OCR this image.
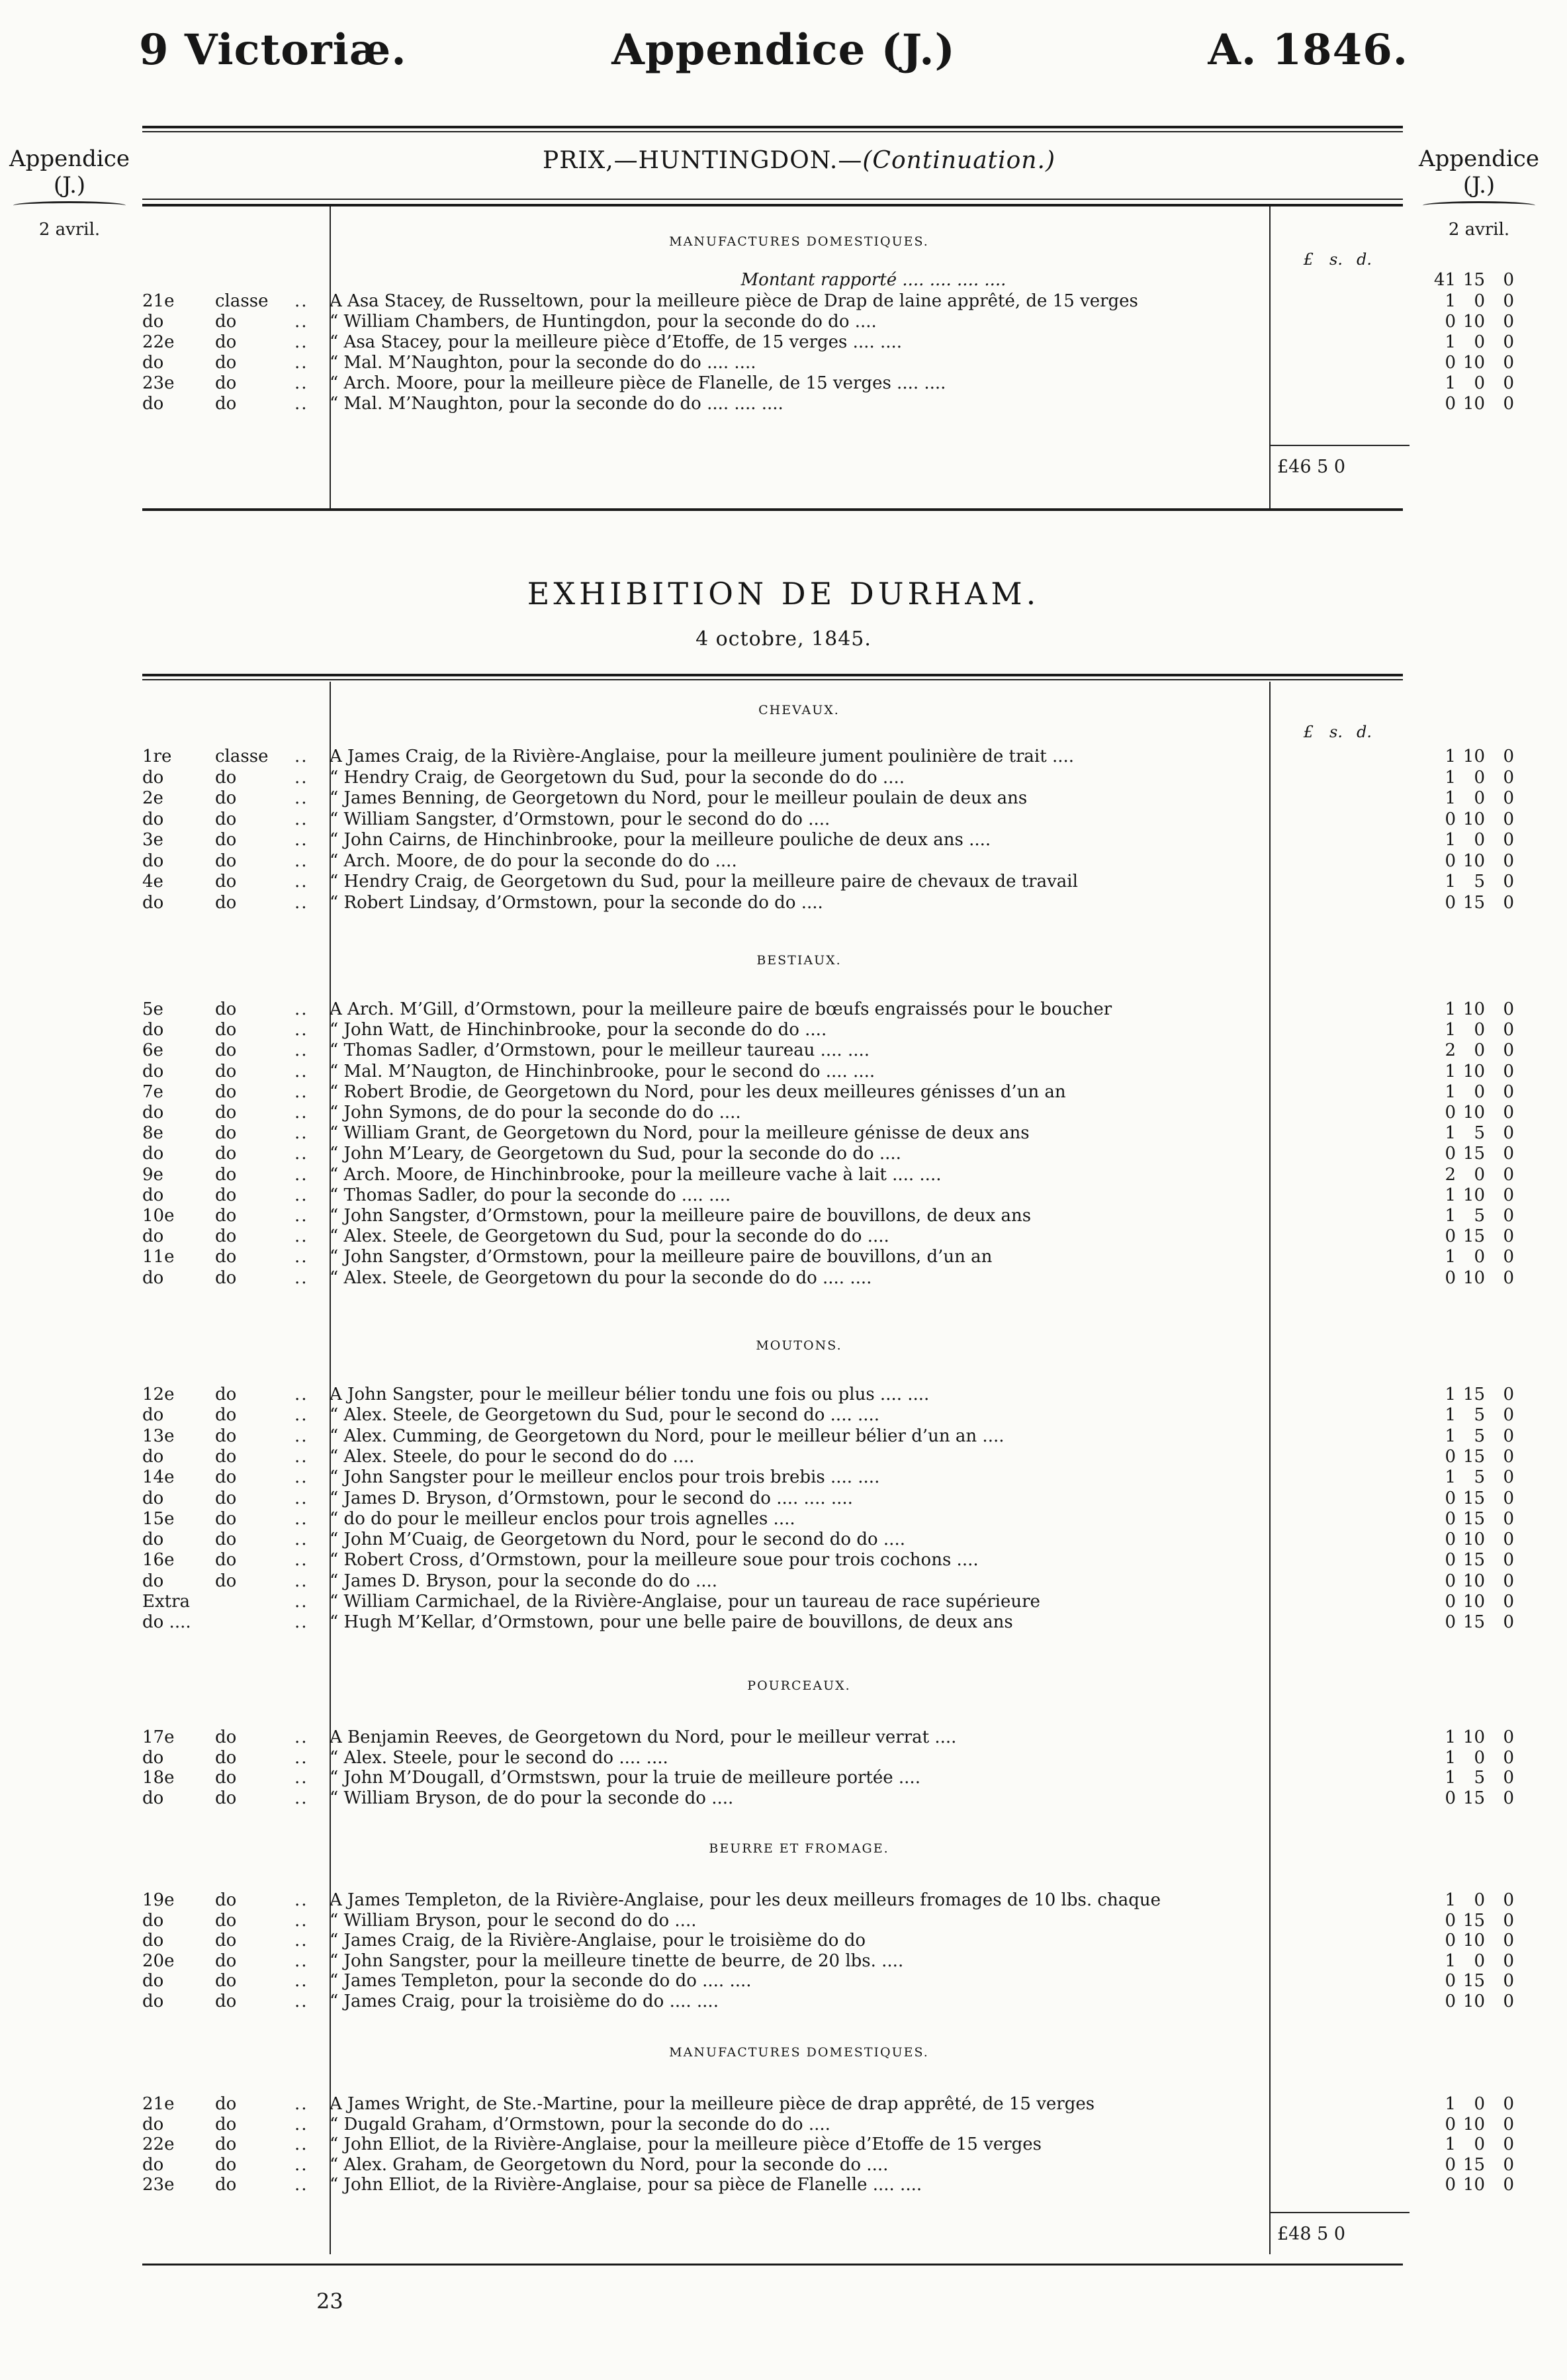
9 Victoriæ.	Appendice (J.)	A. 1846.
Appendice
(J.)
2 avril.
Appendice
(J.)
2 avril.
PRIX,—HUNTINGDON.—(Continuation.)
MANUFACTURES DOMESTIQUES.
£ s. d.
Montant rapporté .... .... .... ....	41 15 0
21e classe .. A Asa Stacey, de Russeltown, pour la meilleure pièce de Drap de laine apprêté, de 15 verges	1 0 0
do	do	.. “ William Chambers, de Huntingdon, pour la seconde do do ....	0 10 0
22e do	.. “ Asa Stacey, pour la meilleure pièce d’Etoffe, de 15 verges .... ....	1 0 0
do	do	.. “ Mal. M’Naughton, pour la seconde do do .... ....	0 10 0
23e do	.. “ Arch. Moore, pour la meilleure pièce de Flanelle, de 15 verges .... ....	1 0 0
do	do	.. “ Mal. M’Naughton, pour la seconde do do .... .... ....	0 10 0
£46 5 0
EXHIBITION DE DURHAM.
4 octobre, 1845.
£ s. d.
CHEVAUX.
1re	classe .. A James Craig, de la Rivière-Anglaise, pour la meilleure jument poulinière de trait ....	1 10 0
do	do	.. “ Hendry Craig, de Georgetown du Sud, pour la seconde do do ....	1 0 0
2e	do	.. “ James Benning, de Georgetown du Nord, pour le meilleur poulain de deux ans	1 0 0
do	do	.. “ William Sangster, d’Ormstown, pour le second do do ....	0 10 0
3e	do	.. “ John Cairns, de Hinchinbrooke, pour la meilleure pouliche de deux ans ....	1 0 0
do	do	.. “ Arch. Moore, de do pour la seconde do do ....	0 10 0
4e	do	.. “ Hendry Craig, de Georgetown du Sud, pour la meilleure paire de chevaux de travail	1 5 0
do	do	.. “ Robert Lindsay, d’Ormstown, pour la seconde do do ....	0 15 0
BESTIAUX.
5e	do	.. A Arch. M’Gill, d’Ormstown, pour la meilleure paire de bœufs engraissés pour le boucher	1 10 0
do	do	.. “ John Watt, de Hinchinbrooke, pour la seconde do do ....	1 0 0
6e	do	.. “ Thomas Sadler, d’Ormstown, pour le meilleur taureau .... ....	2 0 0
do	do	.. “ Mal. M’Naugton, de Hinchinbrooke, pour le second do .... ....	1 10 0
7e	do	.. “ Robert Brodie, de Georgetown du Nord, pour les deux meilleures génisses d’un an	1 0 0
do	do	.. “ John Symons, de do pour la seconde do do ....	0 10 0
8e	do	.. “ William Grant, de Georgetown du Nord, pour la meilleure génisse de deux ans	1 5 0
do	do	.. “ John M’Leary, de Georgetown du Sud, pour la seconde do do ....	0 15 0
9e	do	.. “ Arch. Moore, de Hinchinbrooke, pour la meilleure vache à lait .... ....	2 0 0
do	do	.. “ Thomas Sadler, do pour la seconde do .... ....	1 10 0
10e do	.. “ John Sangster, d’Ormstown, pour la meilleure paire de bouvillons, de deux ans	1 5 0
do	do	.. “ Alex. Steele, de Georgetown du Sud, pour la seconde do do ....	0 15 0
11e do	.. “ John Sangster, d’Ormstown, pour la meilleure paire de bouvillons, d’un an	1 0 0
do	do	.. “ Alex. Steele, de Georgetown du pour la seconde do do .... ....	0 10 0
MOUTONS.
12e do	.. A John Sangster, pour le meilleur bélier tondu une fois ou plus .... ....	1 15 0
do	do	.. “ Alex. Steele, de Georgetown du Sud, pour le second do .... ....	1 5 0
13e do	.. “ Alex. Cumming, de Georgetown du Nord, pour le meilleur bélier d’un an ....	1 5 0
do	do	.. “ Alex. Steele, do pour le second do do ....	0 15 0
14e do	.. “ John Sangster pour le meilleur enclos pour trois brebis .... ....	1 5 0
do	do	.. “ James D. Bryson, d’Ormstown, pour le second do .... .... ....	0 15 0
15e do	.. “ do do pour le meilleur enclos pour trois agnelles ....	0 15 0
do	do	.. “ John M’Cuaig, de Georgetown du Nord, pour le second do do ....	0 10 0
16e do	.. “ Robert Cross, d’Ormstown, pour la meilleure soue pour trois cochons ....	0 15 0
do	do	.. “ James D. Bryson, pour la seconde do do ....	0 10 0
Extra	.. “ William Carmichael, de la Rivière-Anglaise, pour un taureau de race supérieure	0 10 0
do ....	.. “ Hugh M’Kellar, d’Ormstown, pour une belle paire de bouvillons, de deux ans	0 15 0
POURCEAUX.
17e do	.. A Benjamin Reeves, de Georgetown du Nord, pour le meilleur verrat ....	1 10 0
do	do	.. “ Alex. Steele, pour le second do .... ....	1 0 0
18e do	.. “ John M’Dougall, d’Ormstswn, pour la truie de meilleure portée ....	1 5 0
do	do	.. “ William Bryson, de do pour la seconde do ....	0 15 0
BEURRE ET FROMAGE.
19e do	.. A James Templeton, de la Rivière-Anglaise, pour les deux meilleurs fromages de 10 lbs. chaque	1 0 0
do	do	.. “ William Bryson, pour le second do do ....	0 15 0
do	do	.. “ James Craig, de la Rivière-Anglaise, pour le troisième do do	0 10 0
20e do	.. “ John Sangster, pour la meilleure tinette de beurre, de 20 lbs. ....	1 0 0
do	do	.. “ James Templeton, pour la seconde do do .... ....	0 15 0
do	do	.. “ James Craig, pour la troisième do do .... ....	0 10 0
MANUFACTURES DOMESTIQUES.
21e do	.. A James Wright, de Ste.-Martine, pour la meilleure pièce de drap apprêté, de 15 verges	1 0 0
do	do	.. “ Dugald Graham, d’Ormstown, pour la seconde do do ....	0 10 0
22e do	.. “ John Elliot, de la Rivière-Anglaise, pour la meilleure pièce d’Etoffe de 15 verges	1 0 0
do	do	.. “ Alex. Graham, de Georgetown du Nord, pour la seconde do ....	0 15 0
23e do	.. “ John Elliot, de la Rivière-Anglaise, pour sa pièce de Flanelle .... ....	0 10 0
£48 5 0
23
